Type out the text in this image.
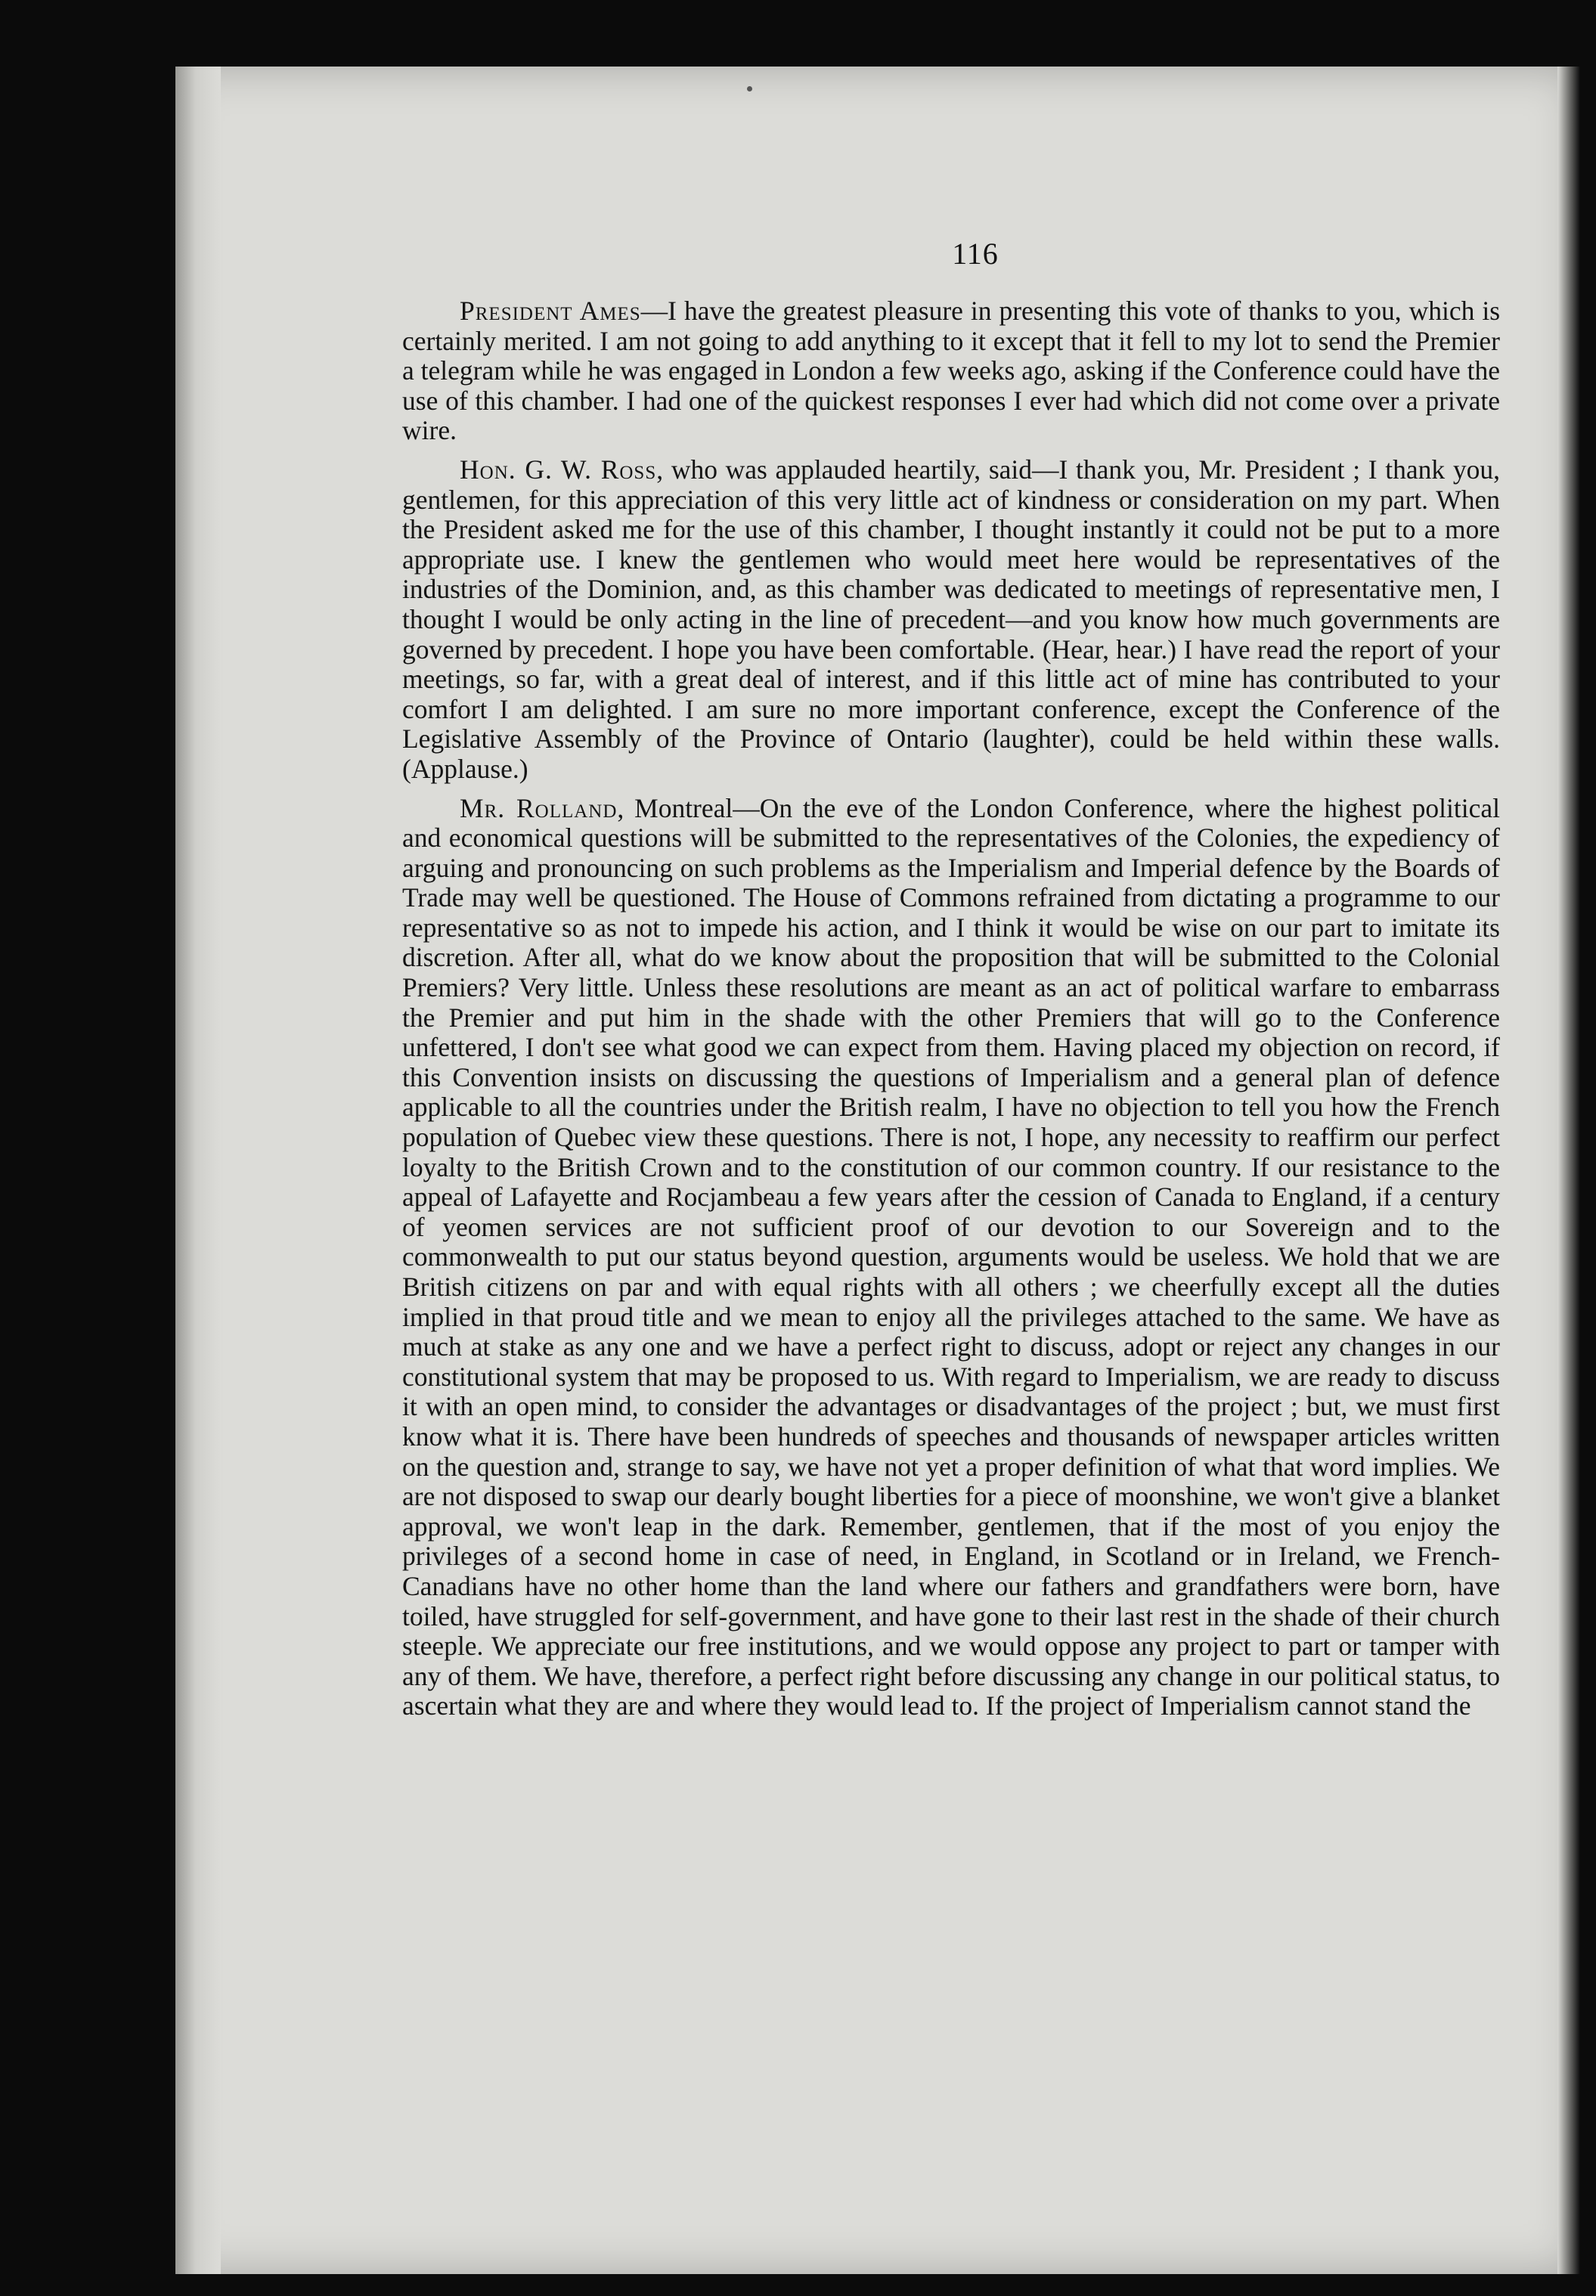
116

President Ames—I have the greatest pleasure in presenting this vote of thanks to you, which is certainly merited. I am not going to add anything to it except that it fell to my lot to send the Premier a telegram while he was engaged in London a few weeks ago, asking if the Conference could have the use of this chamber. I had one of the quickest responses I ever had which did not come over a private wire.

Hon. G. W. Ross, who was applauded heartily, said—I thank you, Mr. President ; I thank you, gentlemen, for this appreciation of this very little act of kindness or consideration on my part. When the President asked me for the use of this chamber, I thought instantly it could not be put to a more appropriate use. I knew the gentlemen who would meet here would be representatives of the industries of the Dominion, and, as this chamber was dedicated to meetings of representative men, I thought I would be only acting in the line of precedent—and you know how much governments are governed by precedent. I hope you have been comfortable. (Hear, hear.) I have read the report of your meetings, so far, with a great deal of interest, and if this little act of mine has contributed to your comfort I am delighted. I am sure no more important conference, except the Conference of the Legislative Assembly of the Province of Ontario (laughter), could be held within these walls. (Applause.)

Mr. Rolland, Montreal—On the eve of the London Conference, where the highest political and economical questions will be submitted to the representatives of the Colonies, the expediency of arguing and pronouncing on such problems as the Imperialism and Imperial defence by the Boards of Trade may well be questioned. The House of Commons refrained from dictating a programme to our representative so as not to impede his action, and I think it would be wise on our part to imitate its discretion. After all, what do we know about the proposition that will be submitted to the Colonial Premiers? Very little. Unless these resolutions are meant as an act of political warfare to embarrass the Premier and put him in the shade with the other Premiers that will go to the Conference unfettered, I don't see what good we can expect from them. Having placed my objection on record, if this Convention insists on discussing the questions of Imperialism and a general plan of defence applicable to all the countries under the British realm, I have no objection to tell you how the French population of Quebec view these questions. There is not, I hope, any necessity to reaffirm our perfect loyalty to the British Crown and to the constitution of our common country. If our resistance to the appeal of Lafayette and Rocjambeau a few years after the cession of Canada to England, if a century of yeomen services are not sufficient proof of our devotion to our Sovereign and to the commonwealth to put our status beyond question, arguments would be useless. We hold that we are British citizens on par and with equal rights with all others ; we cheerfully except all the duties implied in that proud title and we mean to enjoy all the privileges attached to the same. We have as much at stake as any one and we have a perfect right to discuss, adopt or reject any changes in our constitutional system that may be proposed to us. With regard to Imperialism, we are ready to discuss it with an open mind, to consider the advantages or disadvantages of the project ; but, we must first know what it is. There have been hundreds of speeches and thousands of newspaper articles written on the question and, strange to say, we have not yet a proper definition of what that word implies. We are not disposed to swap our dearly bought liberties for a piece of moonshine, we won't give a blanket approval, we won't leap in the dark. Remember, gentlemen, that if the most of you enjoy the privileges of a second home in case of need, in England, in Scotland or in Ireland, we French-Canadians have no other home than the land where our fathers and grandfathers were born, have toiled, have struggled for self-government, and have gone to their last rest in the shade of their church steeple. We appreciate our free institutions, and we would oppose any project to part or tamper with any of them. We have, therefore, a perfect right before discussing any change in our political status, to ascertain what they are and where they would lead to. If the project of Imperialism cannot stand the
